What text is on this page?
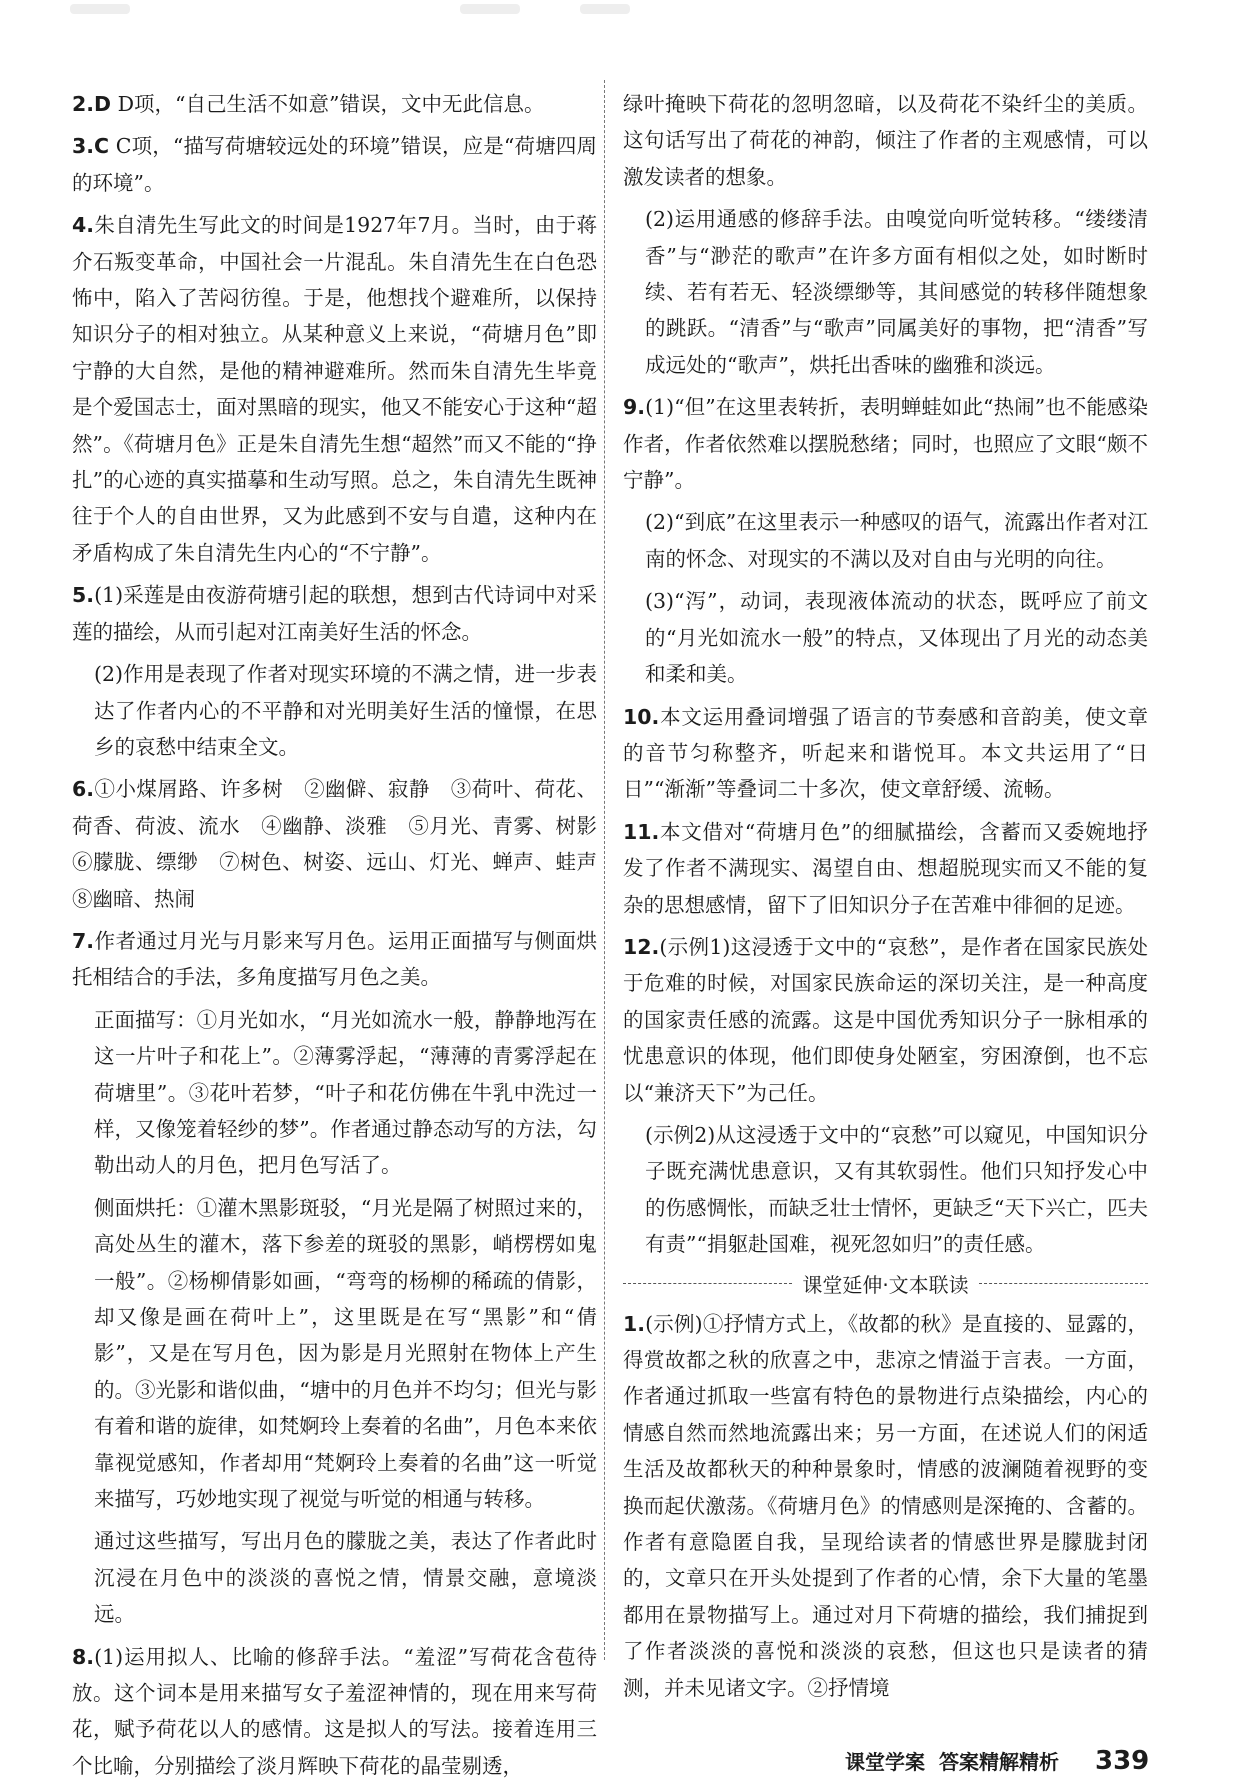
2.D D项，“自己生活不如意”错误，文中无此信息。

3.C C项，“描写荷塘较远处的环境”错误，应是“荷塘四周的环境”。

4.朱自清先生写此文的时间是1927年7月。当时，由于蒋介石叛变革命，中国社会一片混乱。朱自清先生在白色恐怖中，陷入了苦闷彷徨。于是，他想找个避难所，以保持知识分子的相对独立。从某种意义上来说，“荷塘月色”即宁静的大自然，是他的精神避难所。然而朱自清先生毕竟是个爱国志士，面对黑暗的现实，他又不能安心于这种“超然”。《荷塘月色》正是朱自清先生想“超然”而又不能的“挣扎”的心迹的真实描摹和生动写照。总之，朱自清先生既神往于个人的自由世界，又为此感到不安与自遣，这种内在矛盾构成了朱自清先生内心的“不宁静”。

5.(1)采莲是由夜游荷塘引起的联想，想到古代诗词中对采莲的描绘，从而引起对江南美好生活的怀念。

(2)作用是表现了作者对现实环境的不满之情，进一步表达了作者内心的不平静和对光明美好生活的憧憬，在思乡的哀愁中结束全文。

6.①小煤屑路、许多树　②幽僻、寂静　③荷叶、荷花、荷香、荷波、流水　④幽静、淡雅　⑤月光、青雾、树影　⑥朦胧、缥缈　⑦树色、树姿、远山、灯光、蝉声、蛙声　⑧幽暗、热闹

7.作者通过月光与月影来写月色。运用正面描写与侧面烘托相结合的手法，多角度描写月色之美。

正面描写：①月光如水，“月光如流水一般，静静地泻在这一片叶子和花上”。②薄雾浮起，“薄薄的青雾浮起在荷塘里”。③花叶若梦，“叶子和花仿佛在牛乳中洗过一样，又像笼着轻纱的梦”。作者通过静态动写的方法，勾勒出动人的月色，把月色写活了。

侧面烘托：①灌木黑影斑驳，“月光是隔了树照过来的，高处丛生的灌木，落下参差的斑驳的黑影，峭楞楞如鬼一般”。②杨柳倩影如画，“弯弯的杨柳的稀疏的倩影，却又像是画在荷叶上”，这里既是在写“黑影”和“倩影”，又是在写月色，因为影是月光照射在物体上产生的。③光影和谐似曲，“塘中的月色并不均匀；但光与影有着和谐的旋律，如梵婀玲上奏着的名曲”，月色本来依靠视觉感知，作者却用“梵婀玲上奏着的名曲”这一听觉来描写，巧妙地实现了视觉与听觉的相通与转移。

通过这些描写，写出月色的朦胧之美，表达了作者此时沉浸在月色中的淡淡的喜悦之情，情景交融，意境淡远。

8.(1)运用拟人、比喻的修辞手法。“羞涩”写荷花含苞待放。这个词本是用来描写女子羞涩神情的，现在用来写荷花，赋予荷花以人的感情。这是拟人的写法。接着连用三个比喻，分别描绘了淡月辉映下荷花的晶莹剔透，

绿叶掩映下荷花的忽明忽暗，以及荷花不染纤尘的美质。这句话写出了荷花的神韵，倾注了作者的主观感情，可以激发读者的想象。

(2)运用通感的修辞手法。由嗅觉向听觉转移。“缕缕清香”与“渺茫的歌声”在许多方面有相似之处，如时断时续、若有若无、轻淡缥缈等，其间感觉的转移伴随想象的跳跃。“清香”与“歌声”同属美好的事物，把“清香”写成远处的“歌声”，烘托出香味的幽雅和淡远。

9.(1)“但”在这里表转折，表明蝉蛙如此“热闹”也不能感染作者，作者依然难以摆脱愁绪；同时，也照应了文眼“颇不宁静”。

(2)“到底”在这里表示一种感叹的语气，流露出作者对江南的怀念、对现实的不满以及对自由与光明的向往。

(3)“泻”，动词，表现液体流动的状态，既呼应了前文的“月光如流水一般”的特点，又体现出了月光的动态美和柔和美。

10.本文运用叠词增强了语言的节奏感和音韵美，使文章的音节匀称整齐，听起来和谐悦耳。本文共运用了“日日”“渐渐”等叠词二十多次，使文章舒缓、流畅。

11.本文借对“荷塘月色”的细腻描绘，含蓄而又委婉地抒发了作者不满现实、渴望自由、想超脱现实而又不能的复杂的思想感情，留下了旧知识分子在苦难中徘徊的足迹。

12.(示例1)这浸透于文中的“哀愁”，是作者在国家民族处于危难的时候，对国家民族命运的深切关注，是一种高度的国家责任感的流露。这是中国优秀知识分子一脉相承的忧患意识的体现，他们即使身处陋室，穷困潦倒，也不忘以“兼济天下”为己任。

(示例2)从这浸透于文中的“哀愁”可以窥见，中国知识分子既充满忧患意识，又有其软弱性。他们只知抒发心中的伤感惆怅，而缺乏壮士情怀，更缺乏“天下兴亡，匹夫有责”“捐躯赴国难，视死忽如归”的责任感。

课堂延伸·文本联读

1.(示例)①抒情方式上，《故都的秋》是直接的、显露的，得赏故都之秋的欣喜之中，悲凉之情溢于言表。一方面，作者通过抓取一些富有特色的景物进行点染描绘，内心的情感自然而然地流露出来；另一方面，在述说人们的闲适生活及故都秋天的种种景象时，情感的波澜随着视野的变换而起伏激荡。《荷塘月色》的情感则是深掩的、含蓄的。作者有意隐匿自我，呈现给读者的情感世界是朦胧封闭的，文章只在开头处提到了作者的心情，余下大量的笔墨都用在景物描写上。通过对月下荷塘的描绘，我们捕捉到了作者淡淡的喜悦和淡淡的哀愁，但这也只是读者的猜测，并未见诸文字。②抒情境

课堂学案 答案精解精析 339
